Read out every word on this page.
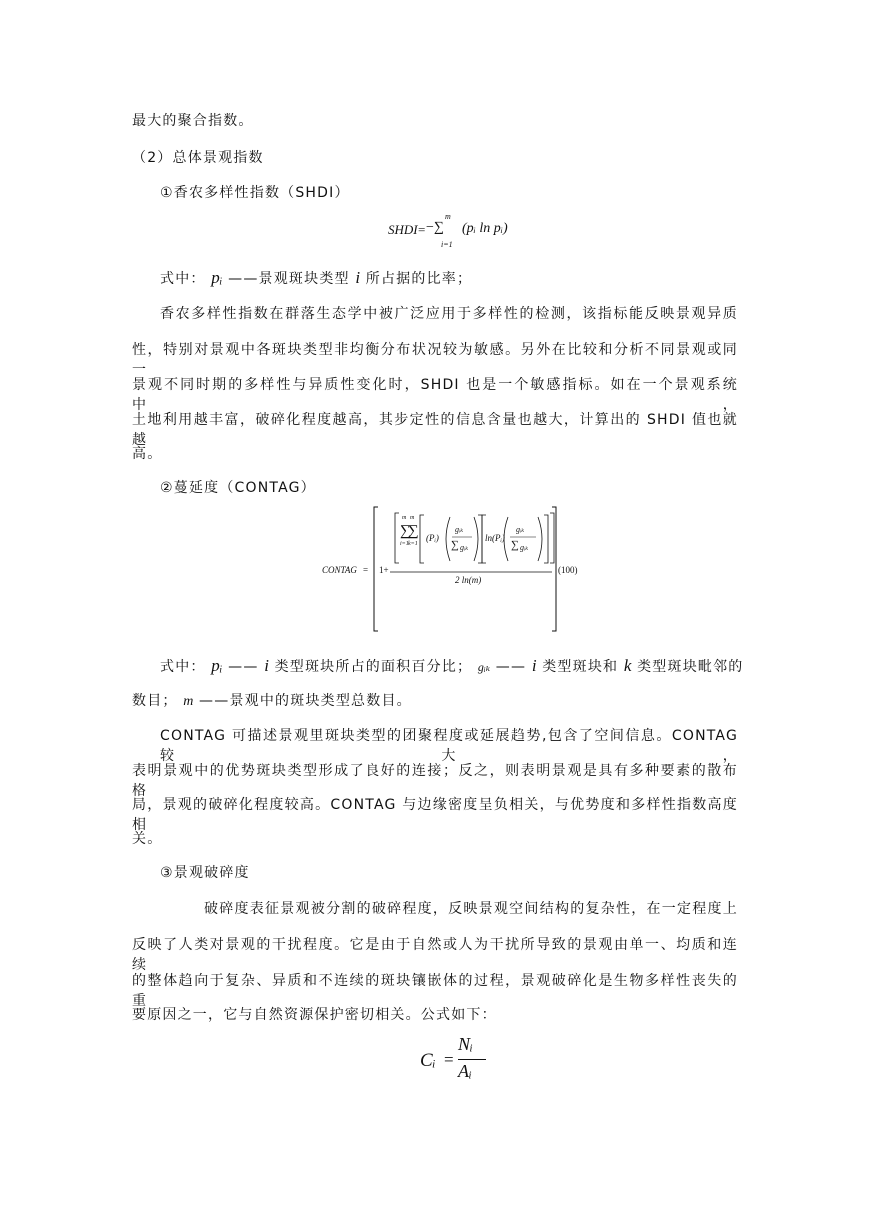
最大的聚合指数。
（2）总体景观指数
①香农多样性指数（SHDI）
SHDI −∑
=
m
i=1
(pᵢ ln pᵢ)
式中： pᵢ ——景观斑块类型 i 所占据的比率；
香农多样性指数在群落生态学中被广泛应用于多样性的检测，该指标能反映景观异质
性，特别对景观中各斑块类型非均衡分布状况较为敏感。另外在比较和分析不同景观或同一
景观不同时期的多样性与异质性变化时，SHDI 也是一个敏感指标。如在一个景观系统中，
土地利用越丰富，破碎化程度越高，其步定性的信息含量也越大，计算出的 SHDI 值也就越
高。
②蔓延度（CONTAG）
CONTAG = 1+
∑
m
i=1
∑
m
k=1
(Pᵢ)
gᵢₖ
∑ gᵢₖ
ln(Pᵢ)
gᵢₖ
∑ gᵢₖ
2 ln(m)
(100)
式中： pᵢ —— i 类型斑块所占的面积百分比； gᵢₖ —— i 类型斑块和 k 类型斑块毗邻的
数目； m ——景观中的斑块类型总数目。
CONTAG 可描述景观里斑块类型的团聚程度或延展趋势,包含了空间信息。CONTAG 较大，
表明景观中的优势斑块类型形成了良好的连接；反之，则表明景观是具有多种要素的散布格
局，景观的破碎化程度较高。CONTAG 与边缘密度呈负相关，与优势度和多样性指数高度相
关。
③景观破碎度
破碎度表征景观被分割的破碎程度，反映景观空间结构的复杂性，在一定程度上
反映了人类对景观的干扰程度。它是由于自然或人为干扰所导致的景观由单一、均质和连续
的整体趋向于复杂、异质和不连续的斑块镶嵌体的过程，景观破碎化是生物多样性丧失的重
要原因之一，它与自然资源保护密切相关。公式如下：
Cᵢ =
Nᵢ
Aᵢ
